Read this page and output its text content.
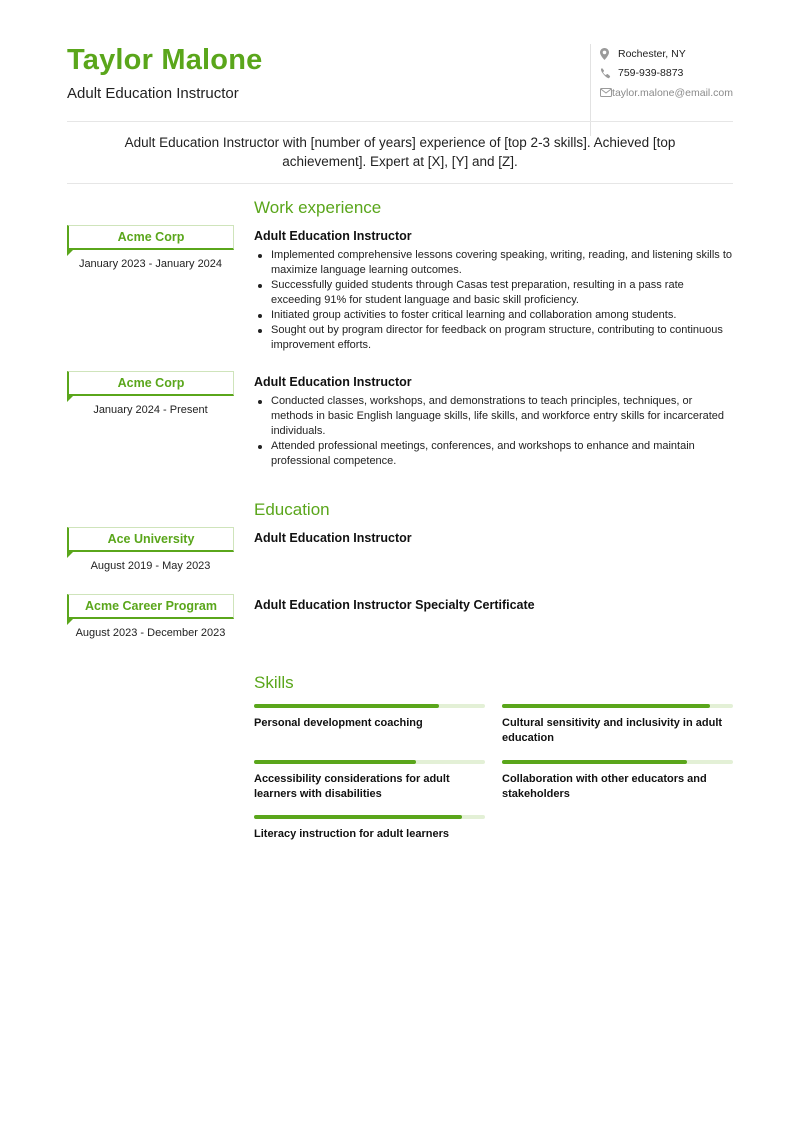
Taylor Malone
Adult Education Instructor
Rochester, NY
759-939-8873
taylor.malone@email.com
Adult Education Instructor with [number of years] experience of [top 2-3 skills]. Achieved [top achievement]. Expert at [X], [Y] and [Z].
Work experience
Acme Corp
January 2023 - January 2024
Adult Education Instructor
Implemented comprehensive lessons covering speaking, writing, reading, and listening skills to maximize language learning outcomes.
Successfully guided students through Casas test preparation, resulting in a pass rate exceeding 91% for student language and basic skill proficiency.
Initiated group activities to foster critical learning and collaboration among students.
Sought out by program director for feedback on program structure, contributing to continuous improvement efforts.
Acme Corp
January 2024 - Present
Adult Education Instructor
Conducted classes, workshops, and demonstrations to teach principles, techniques, or methods in basic English language skills, life skills, and workforce entry skills for incarcerated individuals.
Attended professional meetings, conferences, and workshops to enhance and maintain professional competence.
Education
Ace University
August 2019 - May 2023
Adult Education Instructor
Acme Career Program
August 2023 - December 2023
Adult Education Instructor Specialty Certificate
Skills
Personal development coaching	Cultural sensitivity and inclusivity in adult education
Accessibility considerations for adult learners with disabilities
Collaboration with other educators and stakeholders
Literacy instruction for adult learners
